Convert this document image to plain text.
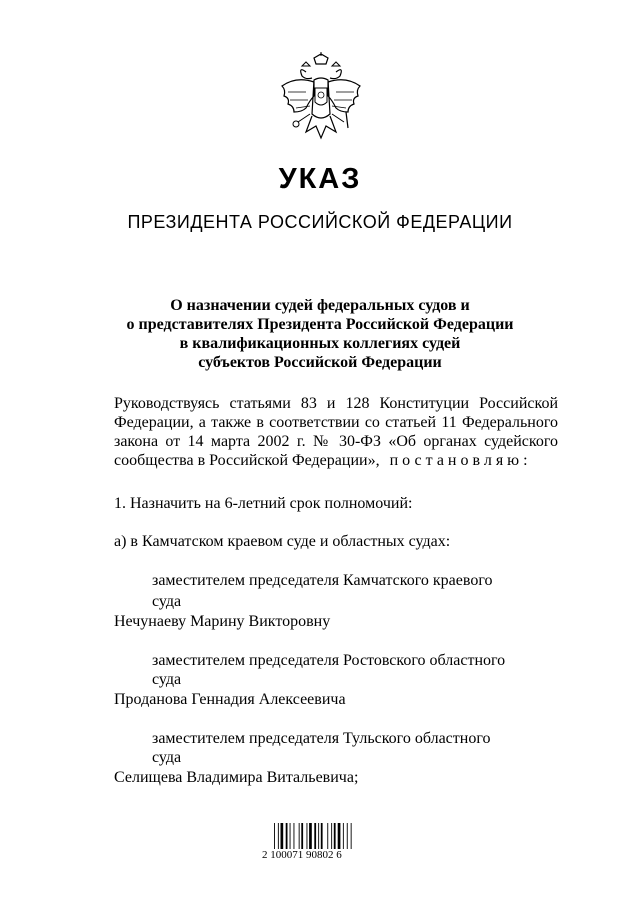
УКАЗ
ПРЕЗИДЕНТА РОССИЙСКОЙ ФЕДЕРАЦИИ
О назначении судей федеральных судов и
о представителях Президента Российской Федерации
в квалификационных коллегиях судей
субъектов Российской Федерации
Руководствуясь статьями 83 и 128 Конституции Российской
Федерации, а также в соответствии со статьей 11 Федерального
закона от 14 марта 2002 г. № 30-ФЗ «Об органах судейского
сообщества в Российской Федерации», постановляю:
1. Назначить на 6-летний срок полномочий:
а) в Камчатском краевом суде и областных судах:
заместителем председателя Камчатского краевого
суда
Нечунаеву Марину Викторовну
заместителем председателя Ростовского областного
суда
Проданова Геннадия Алексеевича
заместителем председателя Тульского областного
суда
Селищева Владимира Витальевича;
2 100071 90802 6
